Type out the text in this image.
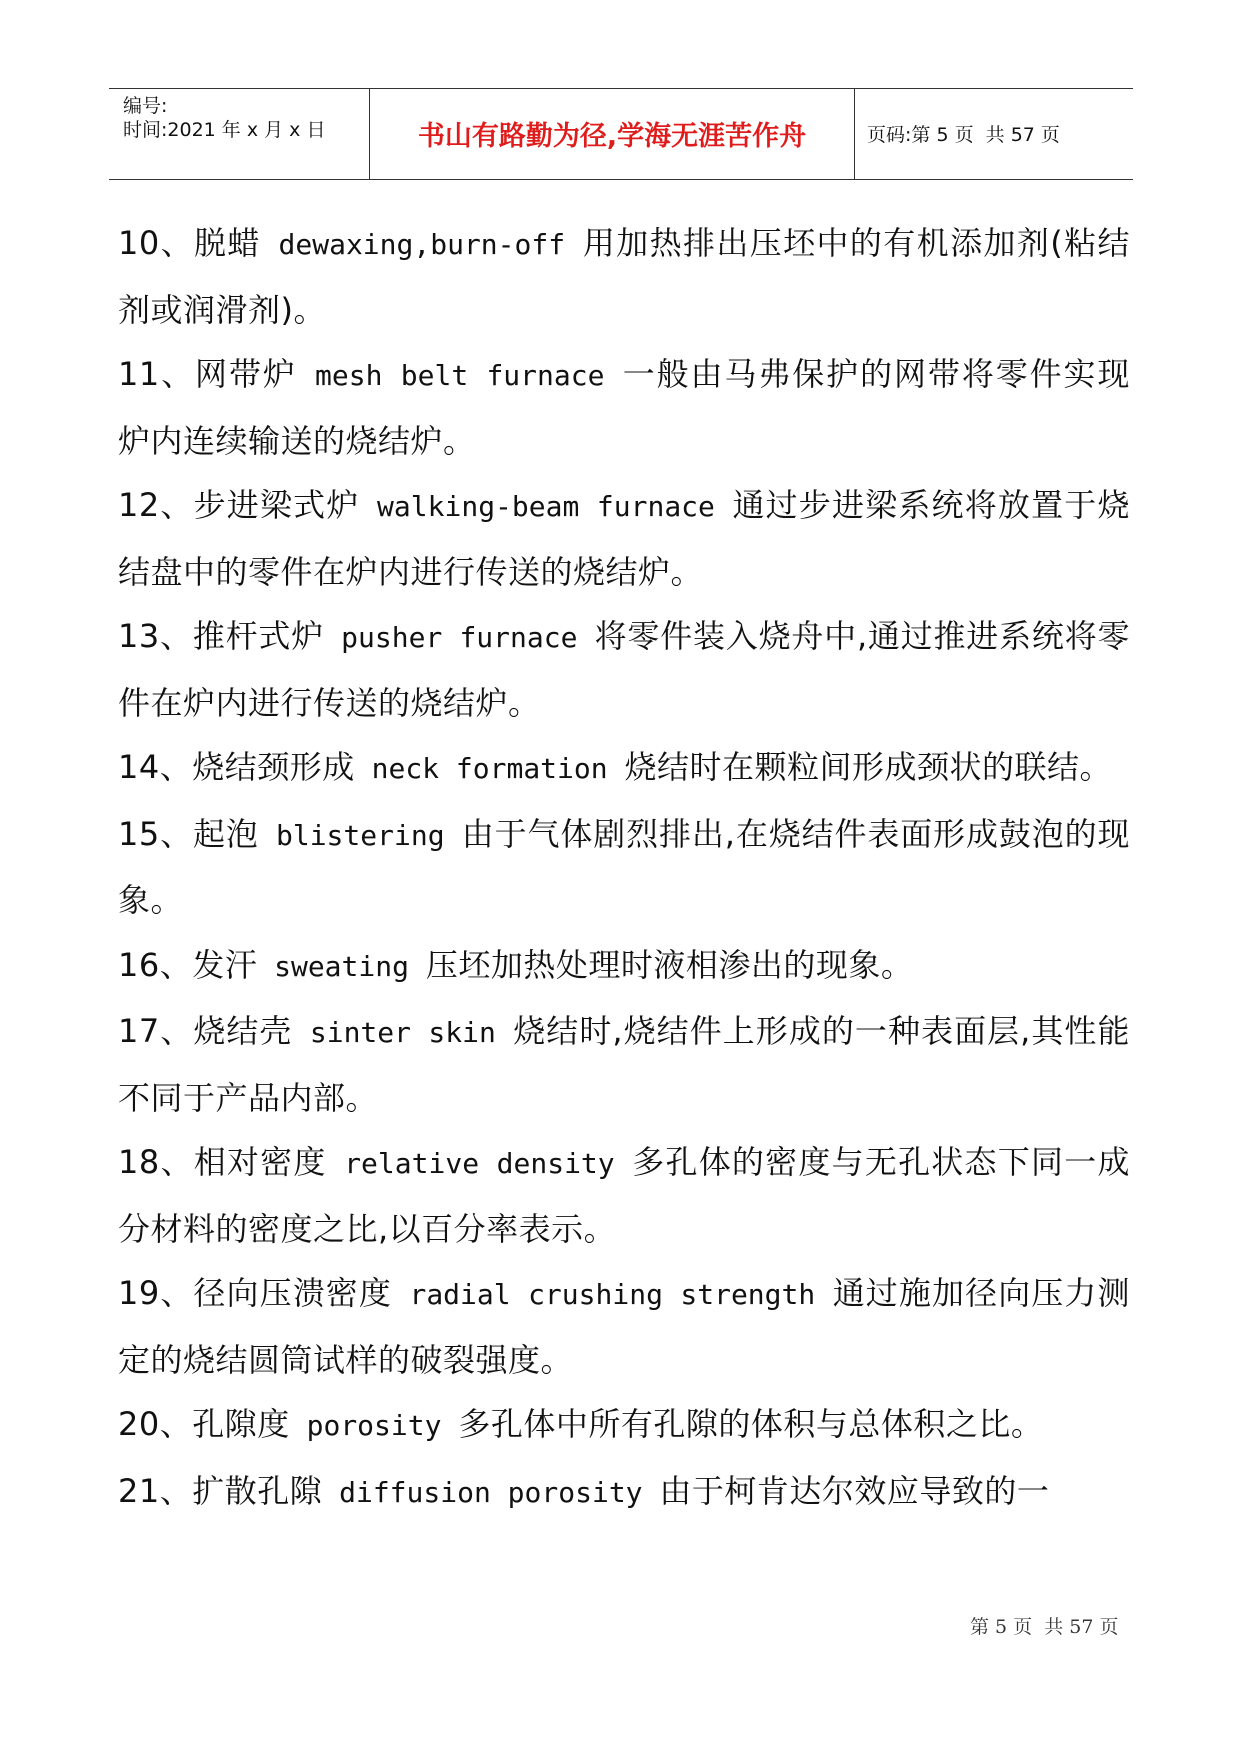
编号:
时间:2021 年 x 月 x 日	书山有路勤为径,学海无涯苦作舟	页码:第 5 页  共 57 页

10、脱蜡 dewaxing,burn-off 用加热排出压坯中的有机添加剂(粘结剂或润滑剂)。

11、网带炉 mesh belt furnace 一般由马弗保护的网带将零件实现炉内连续输送的烧结炉。

12、步进梁式炉 walking-beam furnace 通过步进梁系统将放置于烧结盘中的零件在炉内进行传送的烧结炉。

13、推杆式炉 pusher furnace 将零件装入烧舟中,通过推进系统将零件在炉内进行传送的烧结炉。

14、烧结颈形成 neck formation 烧结时在颗粒间形成颈状的联结。

15、起泡 blistering 由于气体剧烈排出,在烧结件表面形成鼓泡的现象。

16、发汗 sweating 压坯加热处理时液相渗出的现象。

17、烧结壳 sinter skin 烧结时,烧结件上形成的一种表面层,其性能不同于产品内部。

18、相对密度 relative density 多孔体的密度与无孔状态下同一成分材料的密度之比,以百分率表示。

19、径向压溃密度 radial crushing strength 通过施加径向压力测定的烧结圆筒试样的破裂强度。

20、孔隙度 porosity 多孔体中所有孔隙的体积与总体积之比。

21、扩散孔隙 diffusion porosity 由于柯肯达尔效应导致的一

第 5 页  共 57 页
